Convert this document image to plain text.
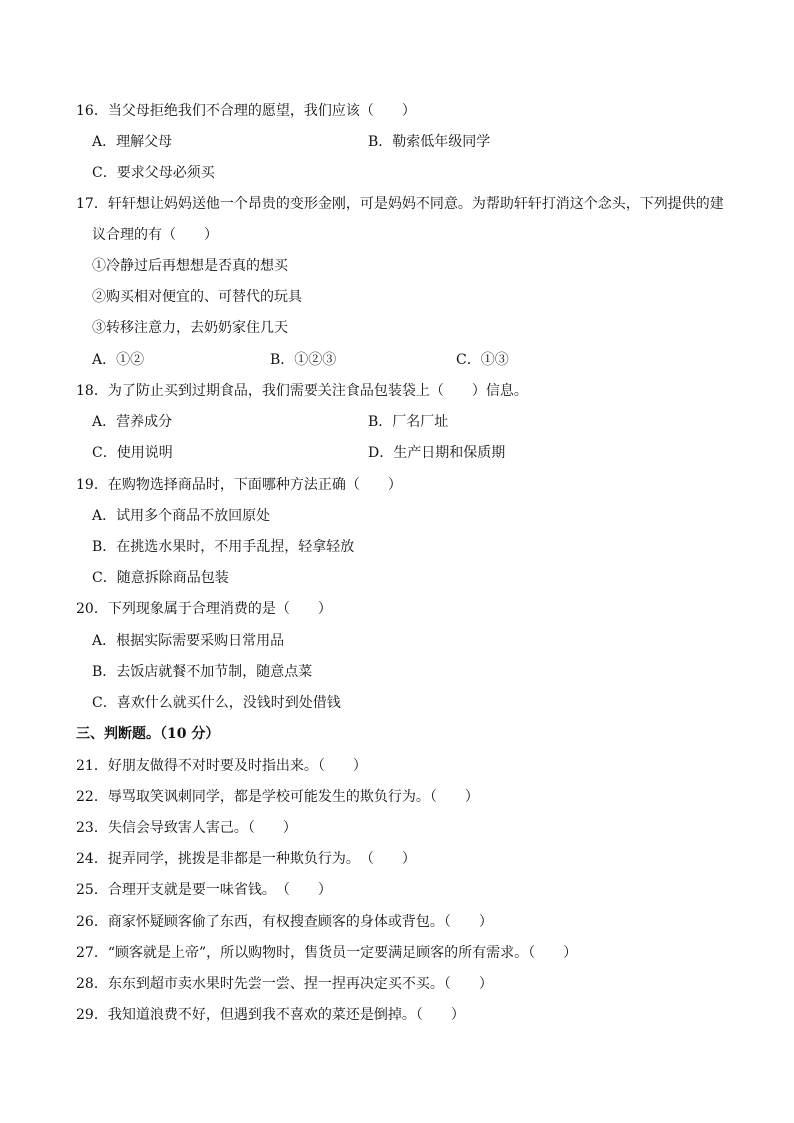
16．当父母拒绝我们不合理的愿望，我们应该（　　）
A．理解父母	B．勒索低年级同学
C．要求父母必须买
17．轩轩想让妈妈送他一个昂贵的变形金刚，可是妈妈不同意。为帮助轩轩打消这个念头，下列提供的建
议合理的有（　　）
①冷静过后再想想是否真的想买
②购买相对便宜的、可替代的玩具
③转移注意力，去奶奶家住几天
A．①②	B．①②③	C．①③
18．为了防止买到过期食品，我们需要关注食品包装袋上（　　）信息。
A．营养成分	B．厂名厂址
C．使用说明	D．生产日期和保质期
19．在购物选择商品时，下面哪种方法正确（　　）
A．试用多个商品不放回原处
B．在挑选水果时，不用手乱捏，轻拿轻放
C．随意拆除商品包装
20．下列现象属于合理消费的是（　　）
A．根据实际需要采购日常用品
B．去饭店就餐不加节制，随意点菜
C．喜欢什么就买什么，没钱时到处借钱
三、判断题。（10 分）
21．好朋友做得不对时要及时指出来。（　　）
22．辱骂取笑讽刺同学，都是学校可能发生的欺负行为。（　　）
23．失信会导致害人害己。（　　）
24．捉弄同学，挑拨是非都是一种欺负行为。　（　　）
25．合理开支就是要一味省钱。　（　　）
26．商家怀疑顾客偷了东西，有权搜查顾客的身体或背包。（　　）
27．“顾客就是上帝”，所以购物时，售货员一定要满足顾客的所有需求。（　　）
28．东东到超市卖水果时先尝一尝、捏一捏再决定买不买。（　　）
29．我知道浪费不好，但遇到我不喜欢的菜还是倒掉。（　　）
